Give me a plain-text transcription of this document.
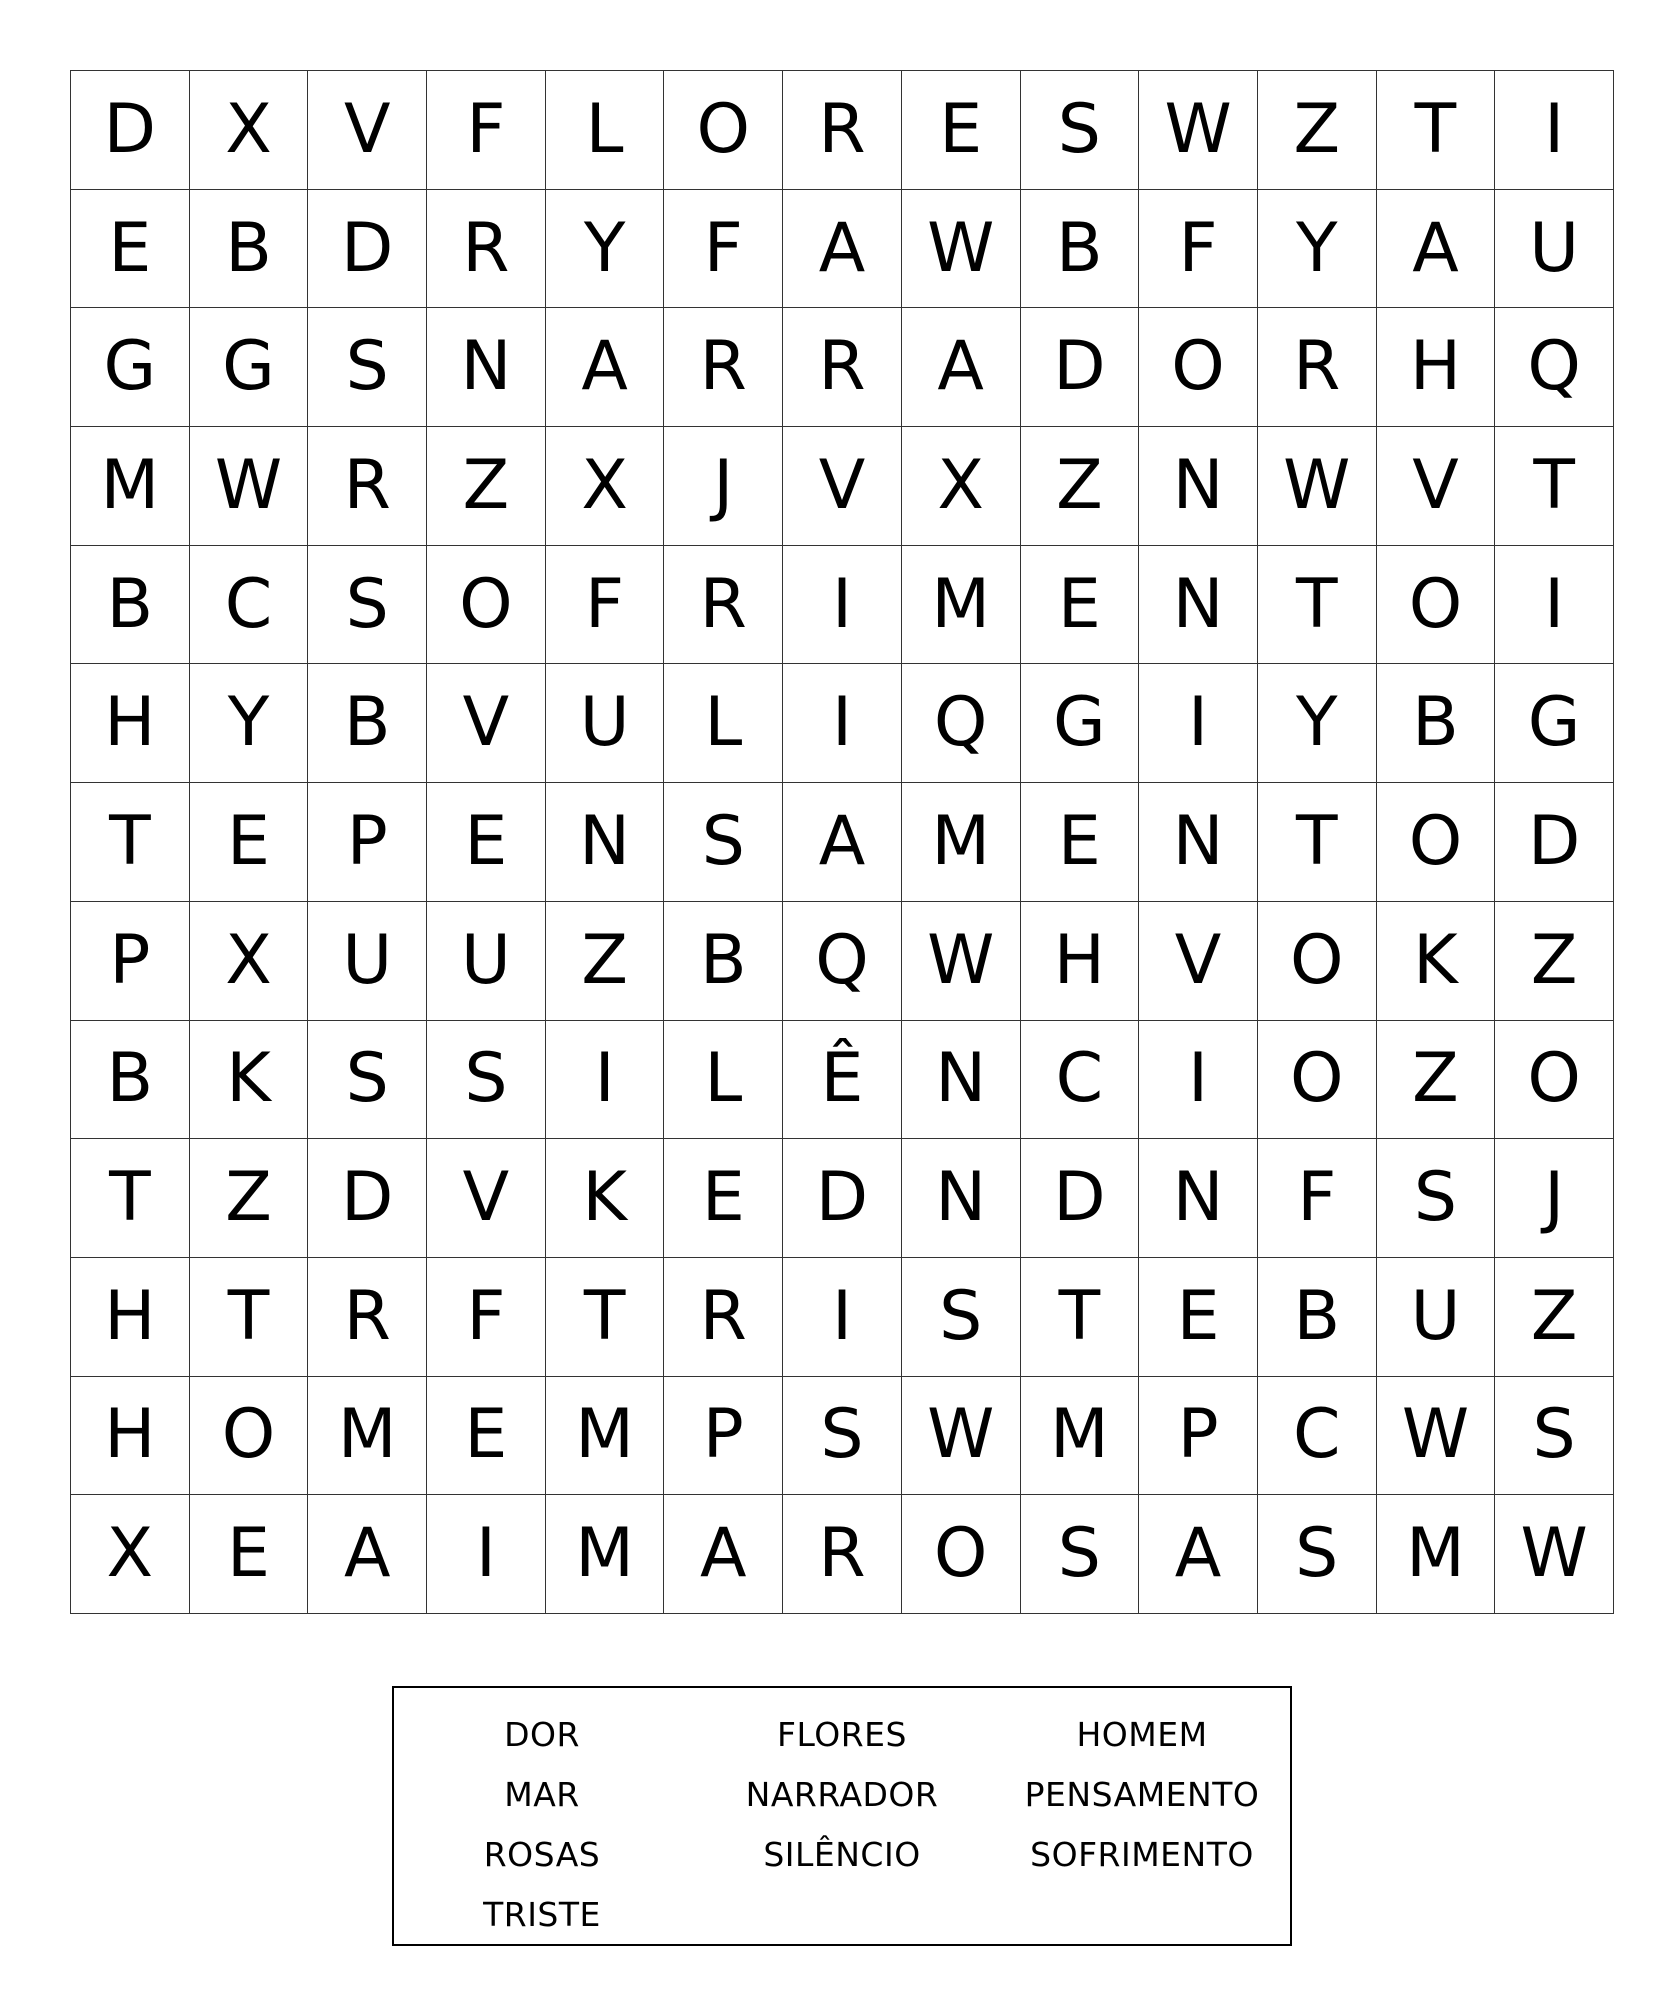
D	X	V	F	L	O	R	E	S W Z	T	I
E	B	D	R	Y	F	A W B	F	Y	A	U
G G	S	N	A	R	R	A	D O	R	H Q
M W R	Z	X	J	V	X	Z	N W V	T
B	C	S	O	F	R	I	M E	N	T	O	I
H	Y	B	V	U	L	I	Q G	I	Y	B	G
T	E	P	E	N	S	A M E	N	T	O D
P	X	U	U	Z	B	Q W H	V	O	K	Z
B	K	S	S	I	L	Ê	N	C	I	O	Z	O
T	Z	D	V	K	E	D N D N	F	S	J
H	T	R	F	T	R	I	S	T	E	B	U	Z
H O M E M	P	S W M	P	C W S
X	E	A	I	M A	R	O	S	A	S M W
DOR	FLORES	HOMEM
MAR	NARRADOR	PENSAMENTO
ROSAS	SILÊNCIO	SOFRIMENTO
TRISTE
